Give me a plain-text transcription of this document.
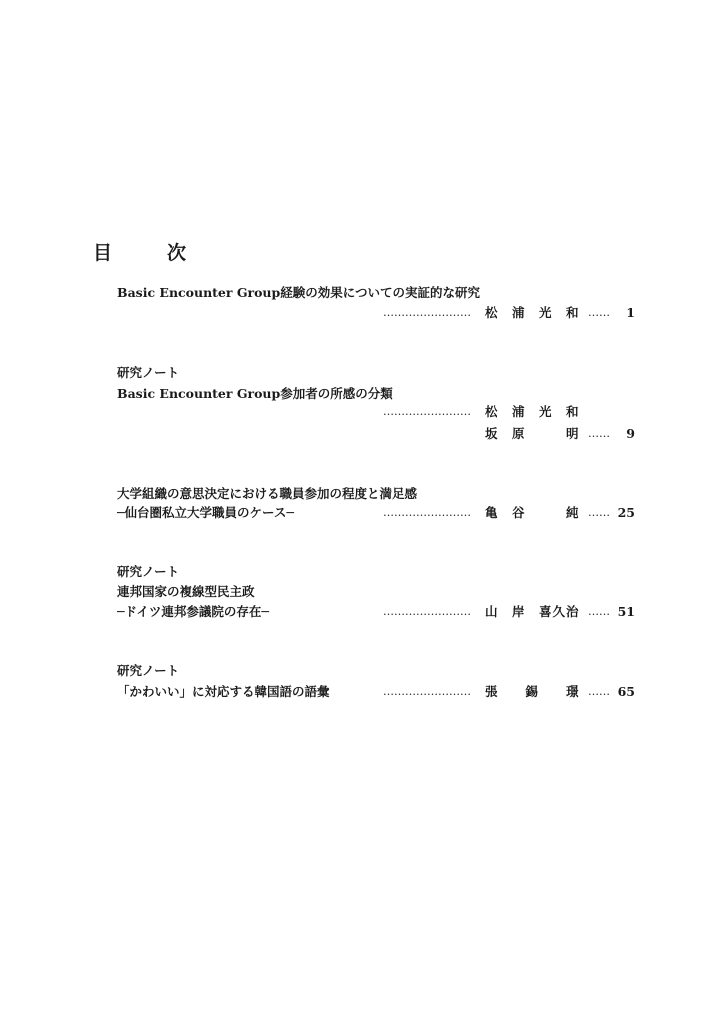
目　次
Basic Encounter Group経験の効果についての実証的な研究
…………………… 松　浦　光　和 …… 1
研究ノート
Basic Encounter Group参加者の所感の分類
…………………… 松　浦　光　和
坂　原　　　明 …… 9
大学組織の意思決定における職員参加の程度と満足感
─仙台圏私立大学職員のケース─	…………………… 亀　谷　　　純 …… 25
研究ノート
連邦国家の複線型民主政
─ドイツ連邦参議院の存在─	…………………… 山　岸　喜久治 …… 51
研究ノート
「かわいい」に対応する韓国語の語彙	…………………… 張　　錫　　璟 …… 65
